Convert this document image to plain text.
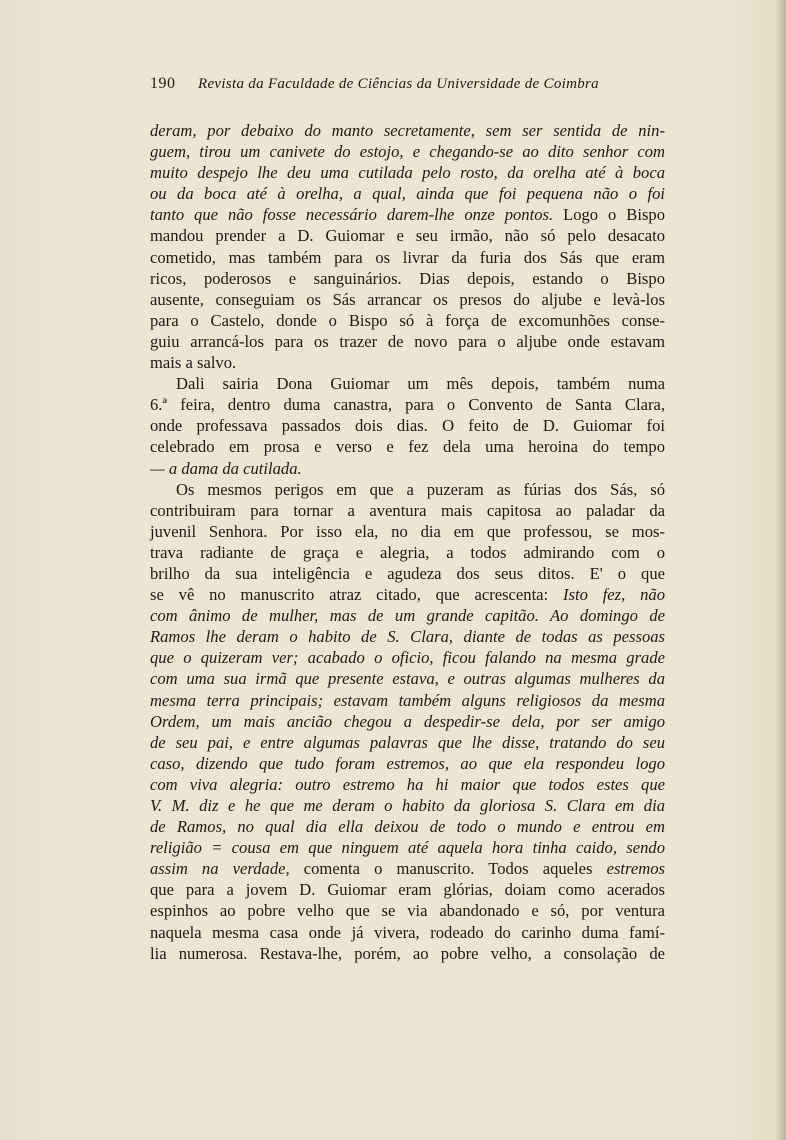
190 Revista da Faculdade de Ciências da Universidade de Coimbra
deram, por debaixo do manto secretamente, sem ser sentida de nin-
guem, tirou um canivete do estojo, e chegando-se ao dito senhor com
muito despejo lhe deu uma cutilada pelo rosto, da orelha até à boca
ou da boca até à orelha, a qual, ainda que foi pequena não o foi
tanto que não fosse necessário darem-lhe onze pontos. Logo o Bispo
mandou prender a D. Guiomar e seu irmão, não só pelo desacato
cometido, mas também para os livrar da furia dos Sás que eram
ricos, poderosos e sanguinários. Dias depois, estando o Bispo
ausente, conseguiam os Sás arrancar os presos do aljube e levà-los
para o Castelo, donde o Bispo só à força de excomunhões conse-
guiu arrancá-los para os trazer de novo para o aljube onde estavam
mais a salvo.
Dali sairia Dona Guiomar um mês depois, também numa
6.ª feira, dentro duma canastra, para o Convento de Santa Clara,
onde professava passados dois dias. O feito de D. Guiomar foi
celebrado em prosa e verso e fez dela uma heroina do tempo
— a dama da cutilada.
Os mesmos perigos em que a puzeram as fúrias dos Sás, só
contribuiram para tornar a aventura mais capitosa ao paladar da
juvenil Senhora. Por isso ela, no dia em que professou, se mos-
trava radiante de graça e alegria, a todos admirando com o
brilho da sua inteligência e agudeza dos seus ditos. E' o que
se vê no manuscrito atraz citado, que acrescenta: Isto fez, não
com ânimo de mulher, mas de um grande capitão. Ao domingo de
Ramos lhe deram o habito de S. Clara, diante de todas as pessoas
que o quizeram ver; acabado o oficio, ficou falando na mesma grade
com uma sua irmã que presente estava, e outras algumas mulheres da
mesma terra principais; estavam também alguns religiosos da mesma
Ordem, um mais ancião chegou a despedir-se dela, por ser amigo
de seu pai, e entre algumas palavras que lhe disse, tratando do seu
caso, dizendo que tudo foram estremos, ao que ela respondeu logo
com viva alegria: outro estremo ha hi maior que todos estes que
V. M. diz e he que me deram o habito da gloriosa S. Clara em dia
de Ramos, no qual dia ella deixou de todo o mundo e entrou em
religião = cousa em que ninguem até aquela hora tinha caido, sendo
assim na verdade, comenta o manuscrito. Todos aqueles estremos
que para a jovem D. Guiomar eram glórias, doiam como acerados
espinhos ao pobre velho que se via abandonado e só, por ventura
naquela mesma casa onde já vivera, rodeado do carinho duma famí-
lia numerosa. Restava-lhe, porém, ao pobre velho, a consolação de
